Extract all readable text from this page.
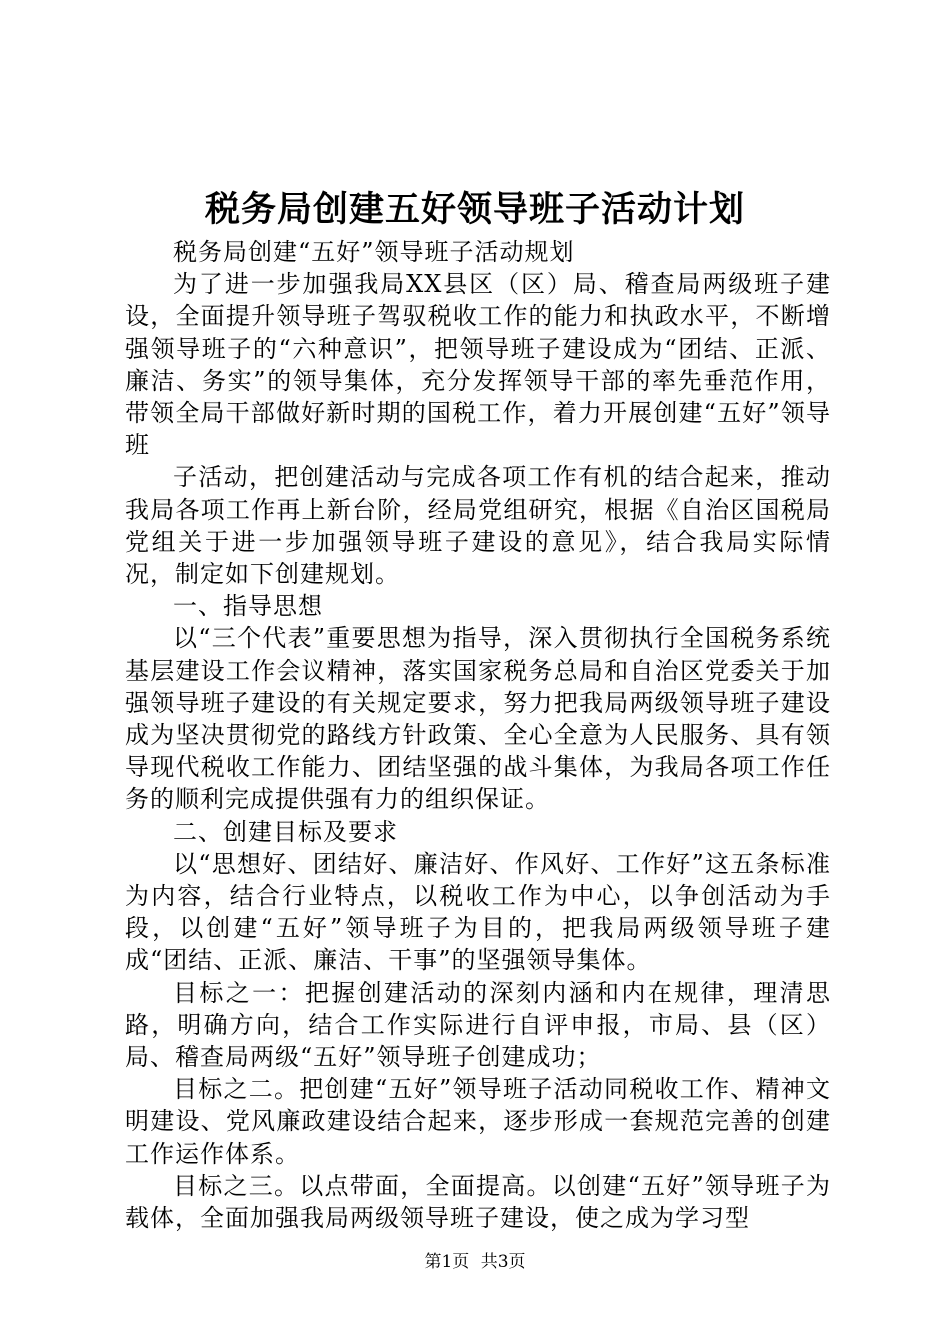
税务局创建五好领导班子活动计划

税务局创建“五好”领导班子活动规划

为了进一步加强我局XX县区（区）局、稽查局两级班子建设，全面提升领导班子驾驭税收工作的能力和执政水平，不断增强领导班子的“六种意识”，把领导班子建设成为“团结、正派、廉洁、务实”的领导集体，充分发挥领导干部的率先垂范作用，带领全局干部做好新时期的国税工作，着力开展创建“五好”领导班

子活动，把创建活动与完成各项工作有机的结合起来，推动我局各项工作再上新台阶，经局党组研究，根据《自治区国税局党组关于进一步加强领导班子建设的意见》，结合我局实际情况，制定如下创建规划。

一、指导思想

以“三个代表”重要思想为指导，深入贯彻执行全国税务系统基层建设工作会议精神，落实国家税务总局和自治区党委关于加强领导班子建设的有关规定要求，努力把我局两级领导班子建设成为坚决贯彻党的路线方针政策、全心全意为人民服务、具有领导现代税收工作能力、团结坚强的战斗集体，为我局各项工作任务的顺利完成提供强有力的组织保证。

二、创建目标及要求

以“思想好、团结好、廉洁好、作风好、工作好”这五条标准为内容，结合行业特点，以税收工作为中心，以争创活动为手段，以创建“五好”领导班子为目的，把我局两级领导班子建成“团结、正派、廉洁、干事”的坚强领导集体。

目标之一：把握创建活动的深刻内涵和内在规律，理清思路，明确方向，结合工作实际进行自评申报，市局、县（区）局、稽查局两级“五好”领导班子创建成功；

目标之二。把创建“五好”领导班子活动同税收工作、精神文明建设、党风廉政建设结合起来，逐步形成一套规范完善的创建工作运作体系。

目标之三。以点带面，全面提高。以创建“五好”领导班子为载体，全面加强我局两级领导班子建设，使之成为学习型

第1页 共3页
